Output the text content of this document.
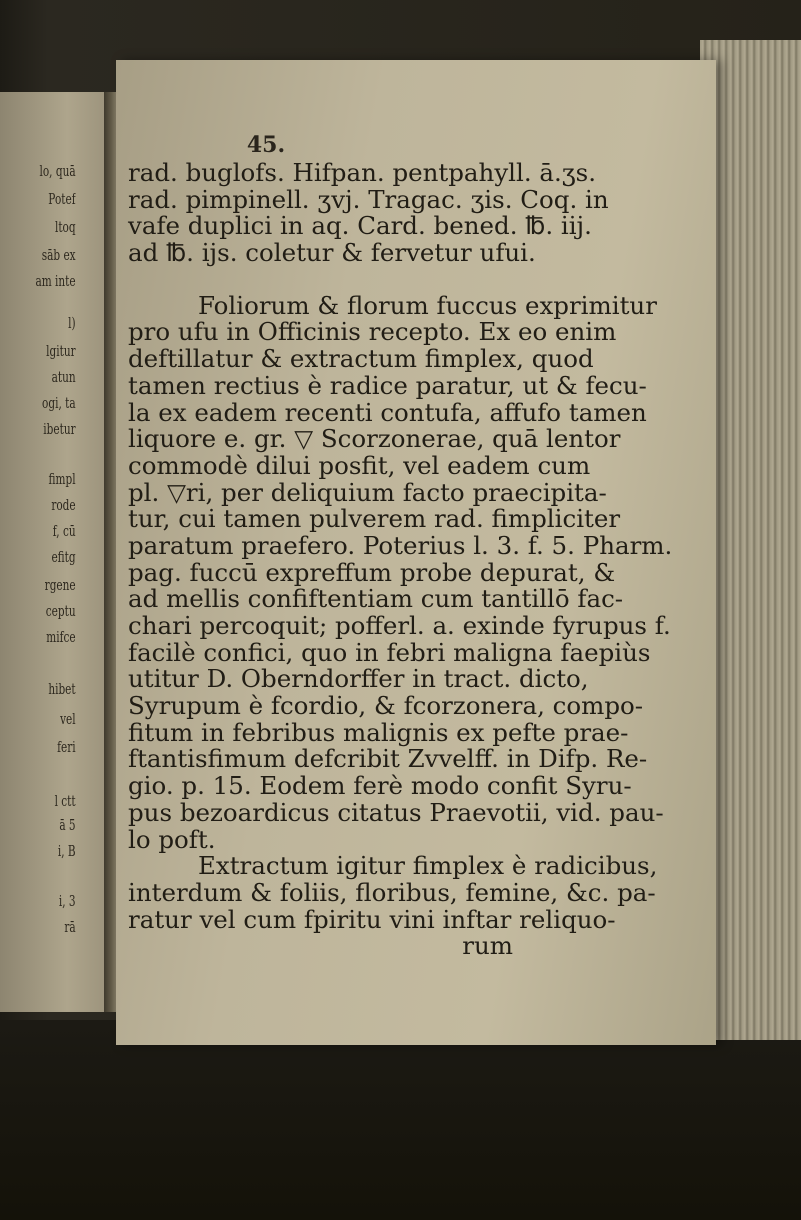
lo, quā
Potef
ltoq
sāb ex
am inte
l)
lgitur
atun
ogi, ta
ibetur
fimpl
rode
f, cū
efitg
rgene
ceptu
mifce
hibet
vel
feri
l ctt
ā 5
i, B
i, 3
rā
45.
rad. buglofs. Hifpan. pentpahyll. ā.ʒs.
rad. pimpinell. ʒvj. Tragac. ʒis. Coq. in
vafe duplici in aq. Card. bened. ℔. iij.
ad ℔. ijs. coletur & fervetur ufui.
Foliorum & florum fuccus exprimitur
pro ufu in Officinis recepto. Ex eo enim
deftillatur & extractum fimplex, quod
tamen rectius è radice paratur, ut & fecu-
la ex eadem recenti contufa, affufo tamen
liquore e. gr. ▽ Scorzonerae, quā lentor
commodè dilui posfit, vel eadem cum
pl. ▽ri, per deliquium facto praecipita-
tur, cui tamen pulverem rad. fimpliciter
paratum praefero. Poterius l. 3. f. 5. Pharm.
pag. fuccū expreffum probe depurat, &
ad mellis confiftentiam cum tantillō fac-
chari percoquit; pofferl. a. exinde fyrupus f.
facilè confici, quo in febri maligna faepiùs
utitur D. Oberndorffer in tract. dicto,
Syrupum è fcordio, & fcorzonera, compo-
fitum in febribus malignis ex pefte prae-
ftantisfimum defcribit Zvvelff. in Difp. Re-
gio. p. 15. Eodem ferè modo confit Syru-
pus bezoardicus citatus Praevotii, vid. pau-
lo poft.
Extractum igitur fimplex è radicibus,
interdum & foliis, floribus, femine, &c. pa-
ratur vel cum fpiritu vini inftar reliquo-
rum
